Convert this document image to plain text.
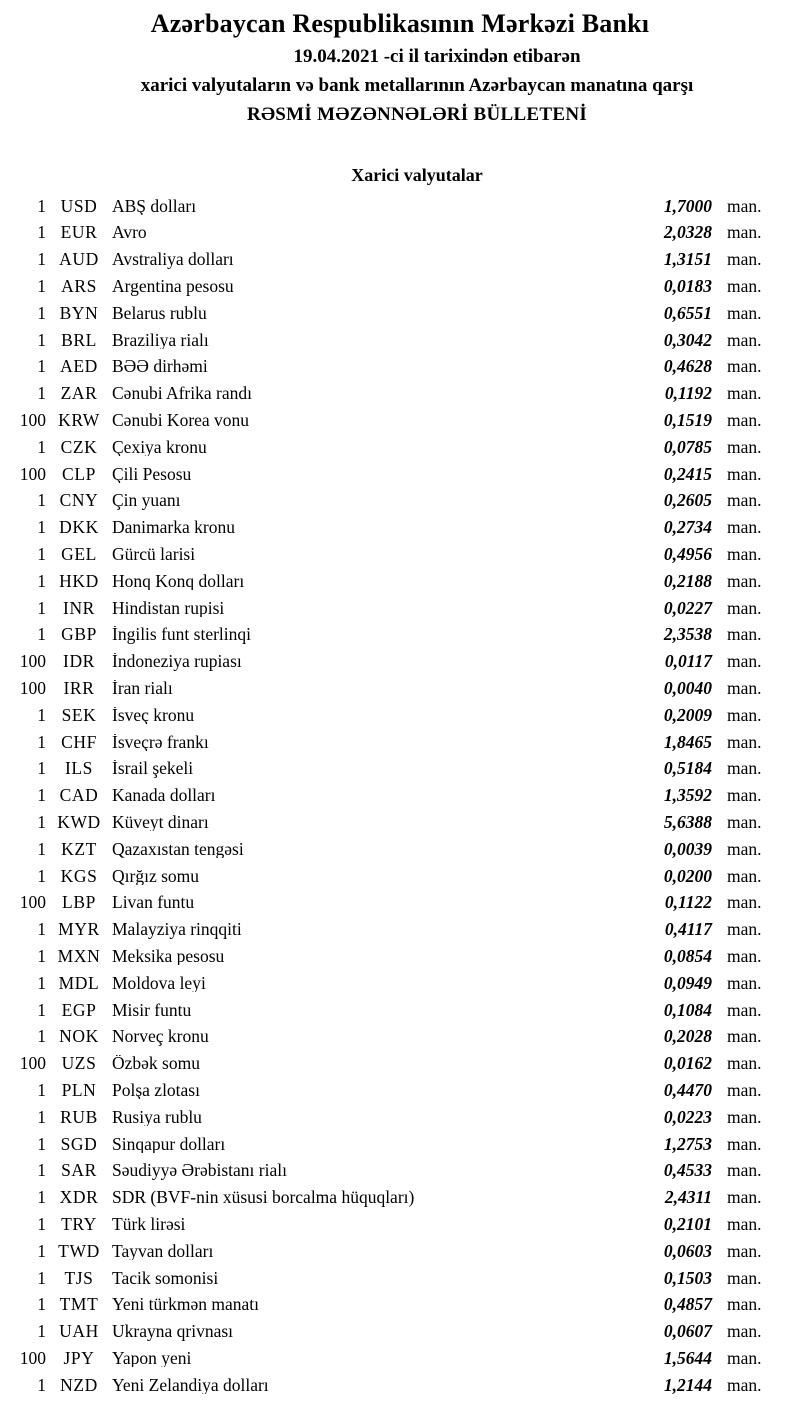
Azərbaycan Respublikasının Mərkəzi Bankı
19.04.2021 -ci il tarixindən etibarən
xarici valyutaların və bank metallarının Azərbaycan manatına qarşı
RƏSMİ MƏZƏNNƏLƏRİ BÜLLETENİ
Xarici valyutalar
1 USD ABŞ dolları	1,7000 man.
1 EUR Avro	2,0328 man.
1 AUD Avstraliya dolları	1,3151 man.
1 ARS Argentina pesosu	0,0183 man.
1 BYN Belarus rublu	0,6551 man.
1 BRL Braziliya rialı	0,3042 man.
1 AED BƏƏ dirhəmi	0,4628 man.
1 ZAR Cənubi Afrika randı	0,1192 man.
100 KRW Cənubi Korea vonu	0,1519 man.
1 CZK Çexiya kronu	0,0785 man.
100 CLP Çili Pesosu	0,2415 man.
1 CNY Çin yuanı	0,2605 man.
1 DKK Danimarka kronu	0,2734 man.
1 GEL Gürcü larisi	0,4956 man.
1 HKD Honq Konq dolları	0,2188 man.
1 INR Hindistan rupisi	0,0227 man.
1 GBP İngilis funt sterlinqi	2,3538 man.
100 IDR İndoneziya rupiası	0,0117 man.
100	IRR	İran rialı	0,0040 man.
1 SEK İsveç kronu	0,2009 man.
1 CHF İsveçrə frankı	1,8465 man.
1	ILS	İsrail şekeli	0,5184 man.
1 CAD Kanada dolları	1,3592 man.
1 KWD Küveyt dinarı	5,6388 man.
1 KZT Qazaxıstan tengəsi	0,0039 man.
1 KGS Qırğız somu	0,0200 man.
100 LBP Livan funtu	0,1122 man.
1 MYR Malayziya rinqqiti	0,4117 man.
1 MXN Meksika pesosu	0,0854 man.
1 MDL Moldova leyi	0,0949 man.
1 EGP Misir funtu	0,1084 man.
1 NOK Norveç kronu	0,2028 man.
100 UZS Özbək somu	0,0162 man.
1 PLN Polşa zlotası	0,4470 man.
1 RUB Rusiya rublu	0,0223 man.
1 SGD Sinqapur dolları	1,2753 man.
1 SAR Səudiyyə Ərəbistanı rialı	0,4533 man.
1 XDR SDR (BVF-nin xüsusi borcalma hüquqları)	2,4311 man.
1 TRY Türk lirəsi	0,2101 man.
1 TWD Tayvan dolları	0,0603 man.
1	TJS	Tacik somonisi	0,1503 man.
1 TMT Yeni türkmən manatı	0,4857 man.
1 UAH Ukrayna qrivnası	0,0607 man.
100	JPY	Yapon yeni	1,5644 man.
1 NZD Yeni Zelandiya dolları	1,2144 man.
